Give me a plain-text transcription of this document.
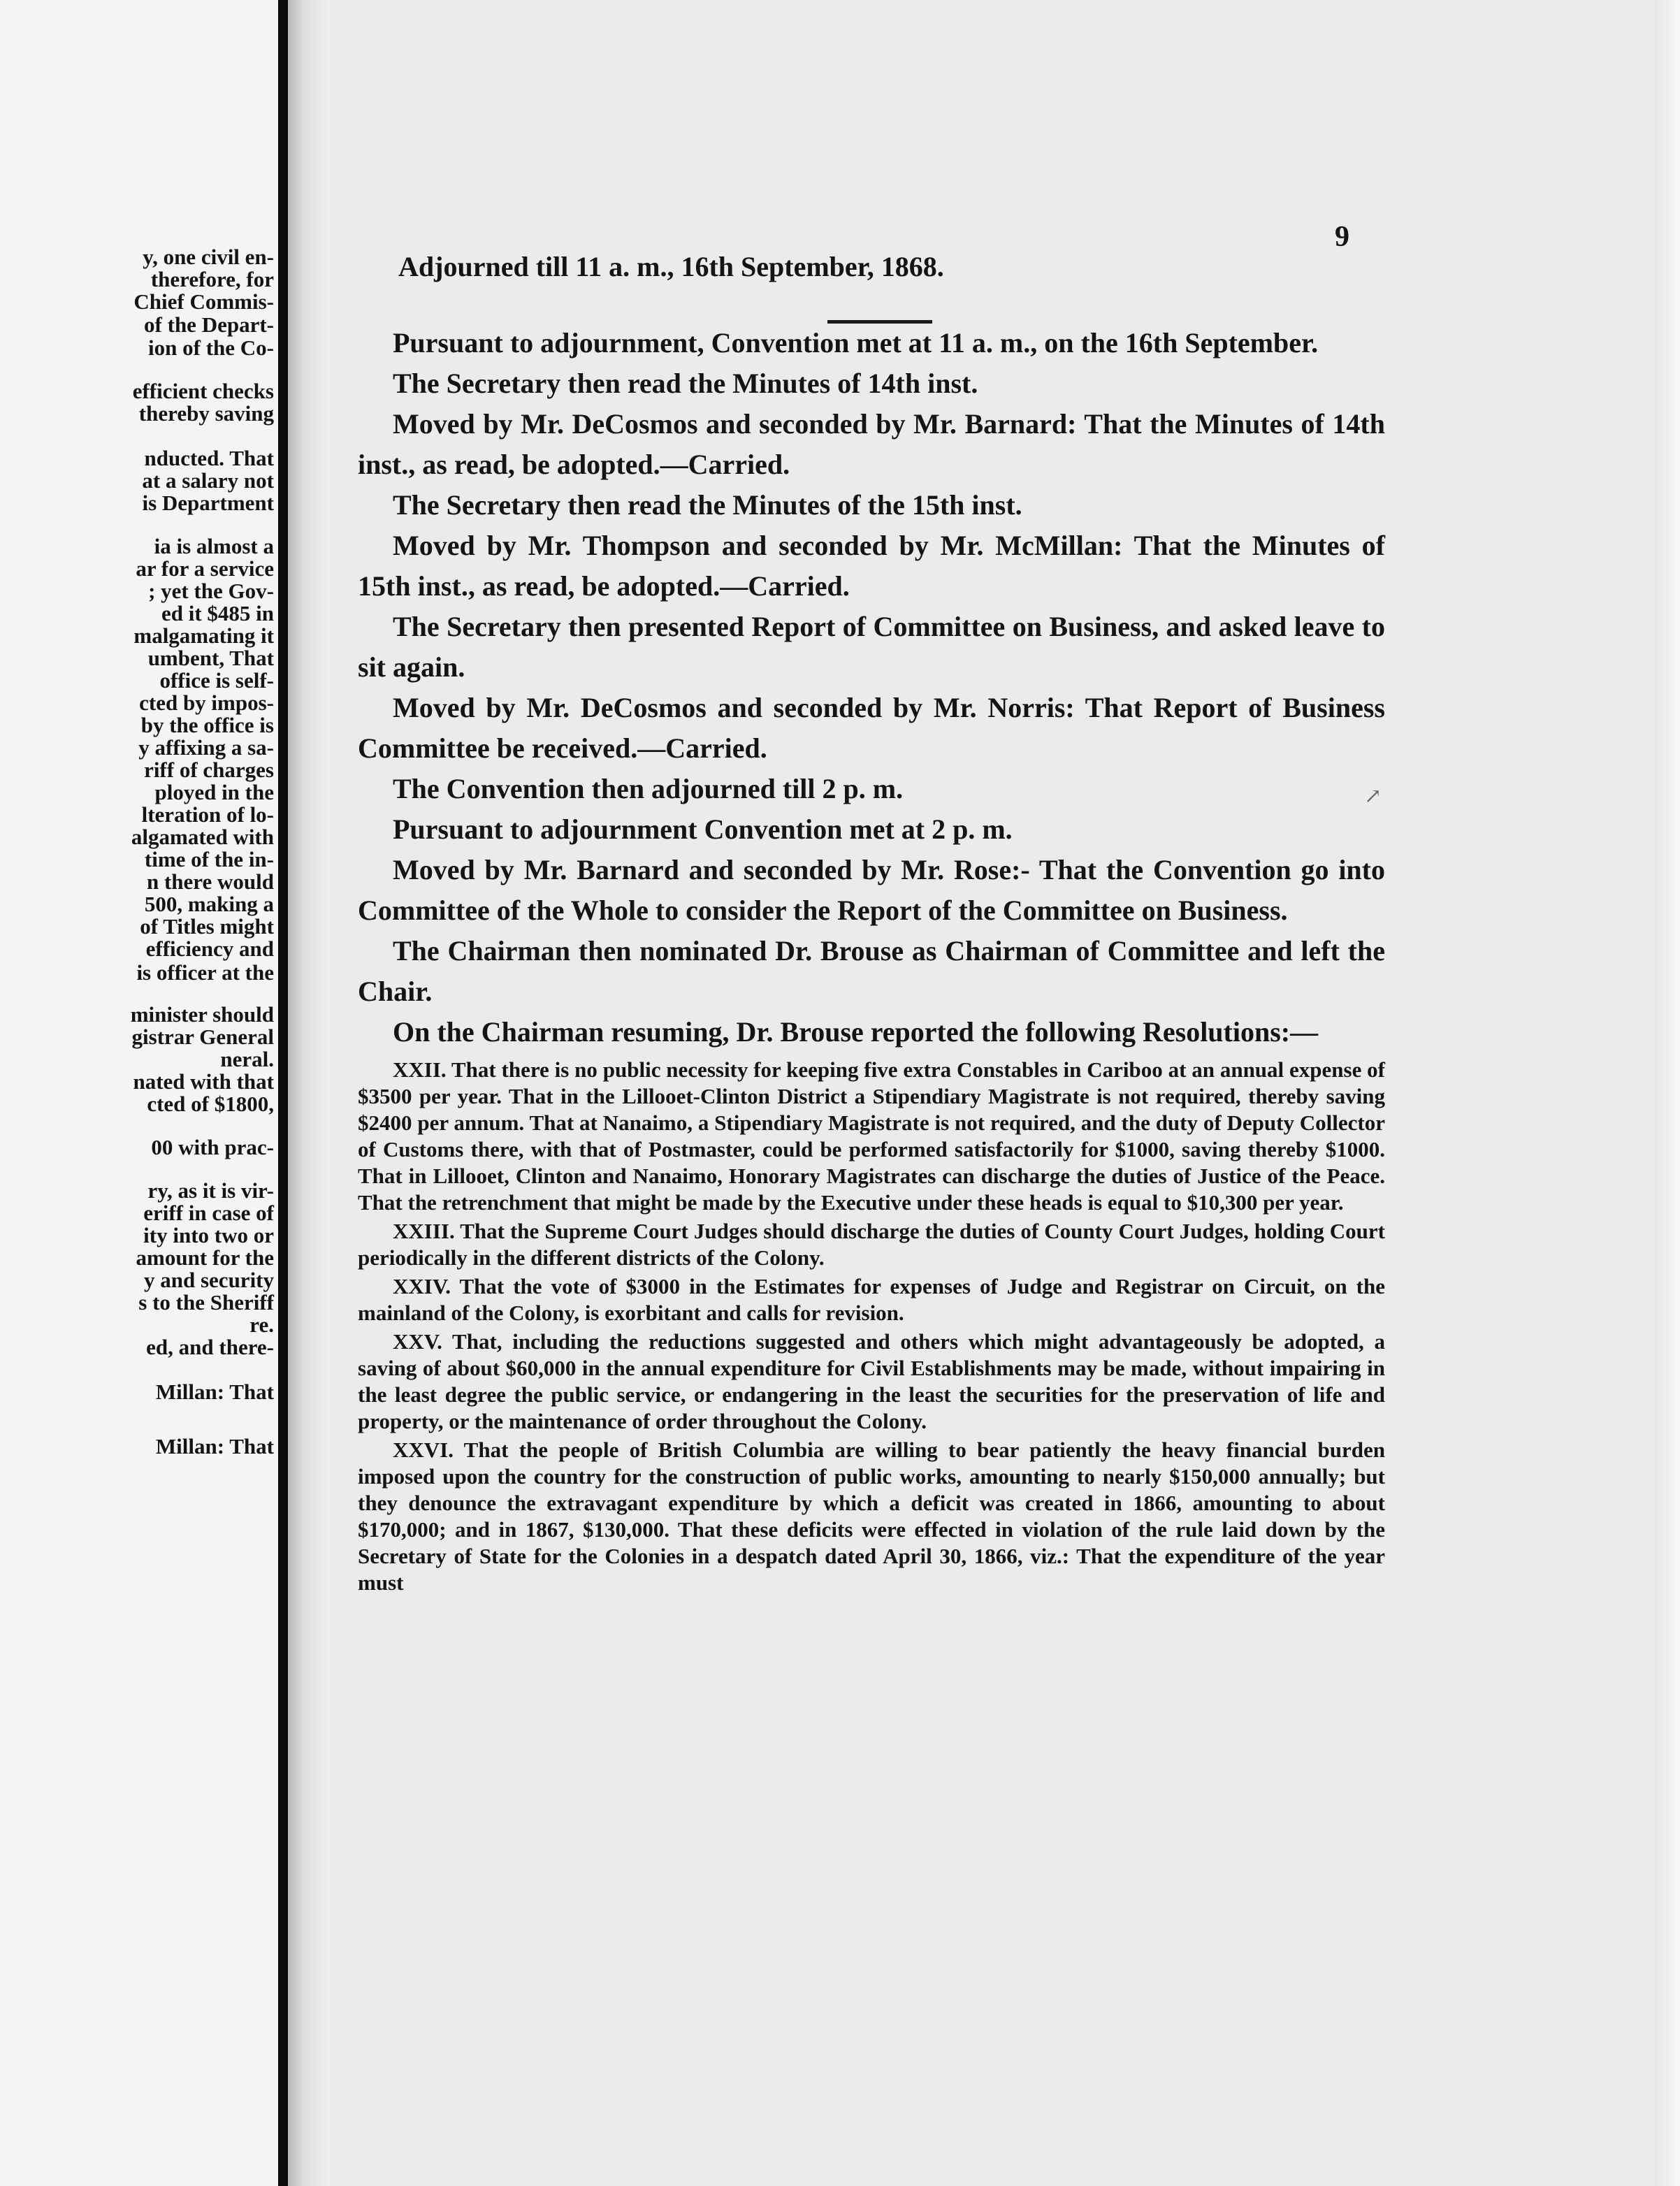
y, one civil en-
therefore, for
Chief Commis-
of the Depart-
ion of the Co-
efficient checks
thereby saving
nducted. That
at a salary not
is Department
ia is almost a
ar for a service
; yet the Gov-
ed it $485 in
malgamating it
umbent, That
office is self-
cted by impos-
by the office is
y affixing a sa-
riff of charges
ployed in the
lteration of lo-
algamated with
time of the in-
n there would
500, making a
of Titles might
efficiency and
is officer at the
minister should
gistrar General
neral.
nated with that
cted of $1800,
00 with prac-
ry, as it is vir-
eriff in case of
ity into two or
amount for the
y and security
s to the Sheriff
re.
ed, and there-
Millan: That
Millan: That
9
Adjourned till 11 a. m., 16th September, 1868.
↗

Pursuant to adjournment, Convention met at 11 a. m., on the 16th September.

The Secretary then read the Minutes of 14th inst.

Moved by Mr. DeCosmos and seconded by Mr. Barnard: That the Minutes of 14th inst., as read, be adopted.—Carried.

The Secretary then read the Minutes of the 15th inst.

Moved by Mr. Thompson and seconded by Mr. McMillan: That the Minutes of 15th inst., as read, be adopted.—Carried.

The Secretary then presented Report of Committee on Business, and asked leave to sit again.

Moved by Mr. DeCosmos and seconded by Mr. Norris: That Report of Business Committee be received.—Carried.

The Convention then adjourned till 2 p. m.

Pursuant to adjournment Convention met at 2 p. m.

Moved by Mr. Barnard and seconded by Mr. Rose:- That the Convention go into Committee of the Whole to consider the Report of the Committee on Business.

The Chairman then nominated Dr. Brouse as Chairman of Committee and left the Chair.

On the Chairman resuming, Dr. Brouse reported the following Resolutions:—

XXII. That there is no public necessity for keeping five extra Constables in Cariboo at an annual expense of $3500 per year. That in the Lillooet-Clinton District a Stipendiary Magistrate is not required, thereby saving $2400 per annum. That at Nanaimo, a Stipendiary Magistrate is not required, and the duty of Deputy Collector of Customs there, with that of Postmaster, could be performed satisfactorily for $1000, saving thereby $1000. That in Lillooet, Clinton and Nanaimo, Honorary Magistrates can discharge the duties of Justice of the Peace. That the retrenchment that might be made by the Executive under these heads is equal to $10,300 per year.

XXIII. That the Supreme Court Judges should discharge the duties of County Court Judges, holding Court periodically in the different districts of the Colony.

XXIV. That the vote of $3000 in the Estimates for expenses of Judge and Registrar on Circuit, on the mainland of the Colony, is exorbitant and calls for revision.

XXV. That, including the reductions suggested and others which might advantageously be adopted, a saving of about $60,000 in the annual expenditure for Civil Establishments may be made, without impairing in the least degree the public service, or endangering in the least the securities for the preservation of life and property, or the maintenance of order throughout the Colony.

XXVI. That the people of British Columbia are willing to bear patiently the heavy financial burden imposed upon the country for the construction of public works, amounting to nearly $150,000 annually; but they denounce the extravagant expenditure by which a deficit was created in 1866, amounting to about $170,000; and in 1867, $130,000. That these deficits were effected in violation of the rule laid down by the Secretary of State for the Colonies in a despatch dated April 30, 1866, viz.: That the expenditure of the year must
